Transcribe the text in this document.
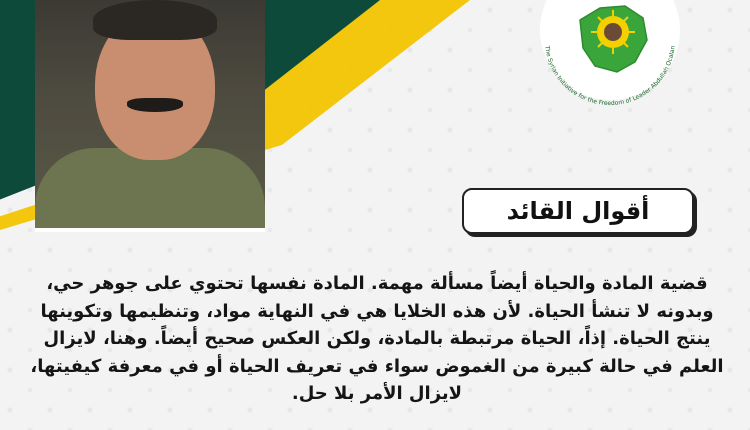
The Syrian Initiative for the Freedom of Leader Abdullah Ocalan
أقوال القائد
قضية المادة والحياة أيضاً مسألة مهمة. المادة نفسها تحتوي على جوهر حي، وبدونه لا تنشأ الحياة. لأن هذه الخلايا هي في النهاية مواد، وتنظيمها وتكوينها ينتج الحياة. إذاً، الحياة مرتبطة بالمادة، ولكن العكس صحيح أيضاً. وهنا، لايزال العلم في حالة كبيرة من الغموض سواء في تعريف الحياة أو في معرفة كيفيتها، لايزال الأمر بلا حل.
